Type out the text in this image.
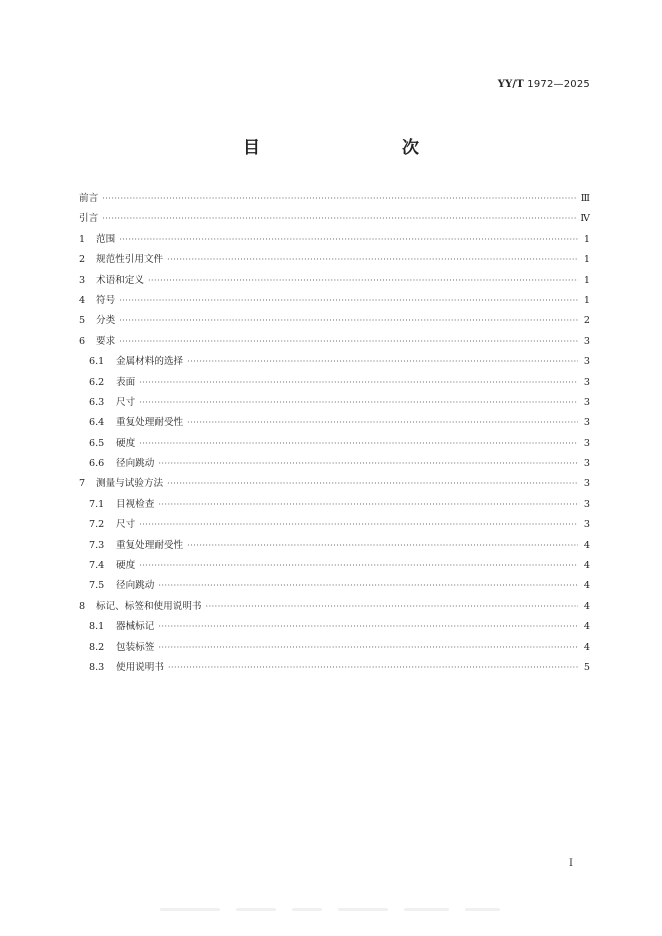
YY/T 1972—2025
目　　次
前言 ·····	Ⅲ
引言 ·····	Ⅳ
1	范围 ·····	1
2	规范性引用文件 ·····	1
3	术语和定义 ·····	1
4	符号 ·····	1
5	分类 ·····	2
6	要求 ·····	3
6.1	金属材料的选择 ·····	3
6.2	表面 ·····	3
6.3	尺寸 ·····	3
6.4	重复处理耐受性 ·····	3
6.5	硬度 ·····	3
6.6	径向跳动 ·····	3
7	测量与试验方法 ·····	3
7.1	目视检查 ·····	3
7.2	尺寸 ·····	3
7.3	重复处理耐受性 ·····	4
7.4	硬度 ·····	4
7.5	径向跳动 ·····	4
8	标记、标签和使用说明书 ·····	4
8.1	器械标记 ·····	4
8.2	包装标签 ·····	4
8.3	使用说明书 ·····	5
I
